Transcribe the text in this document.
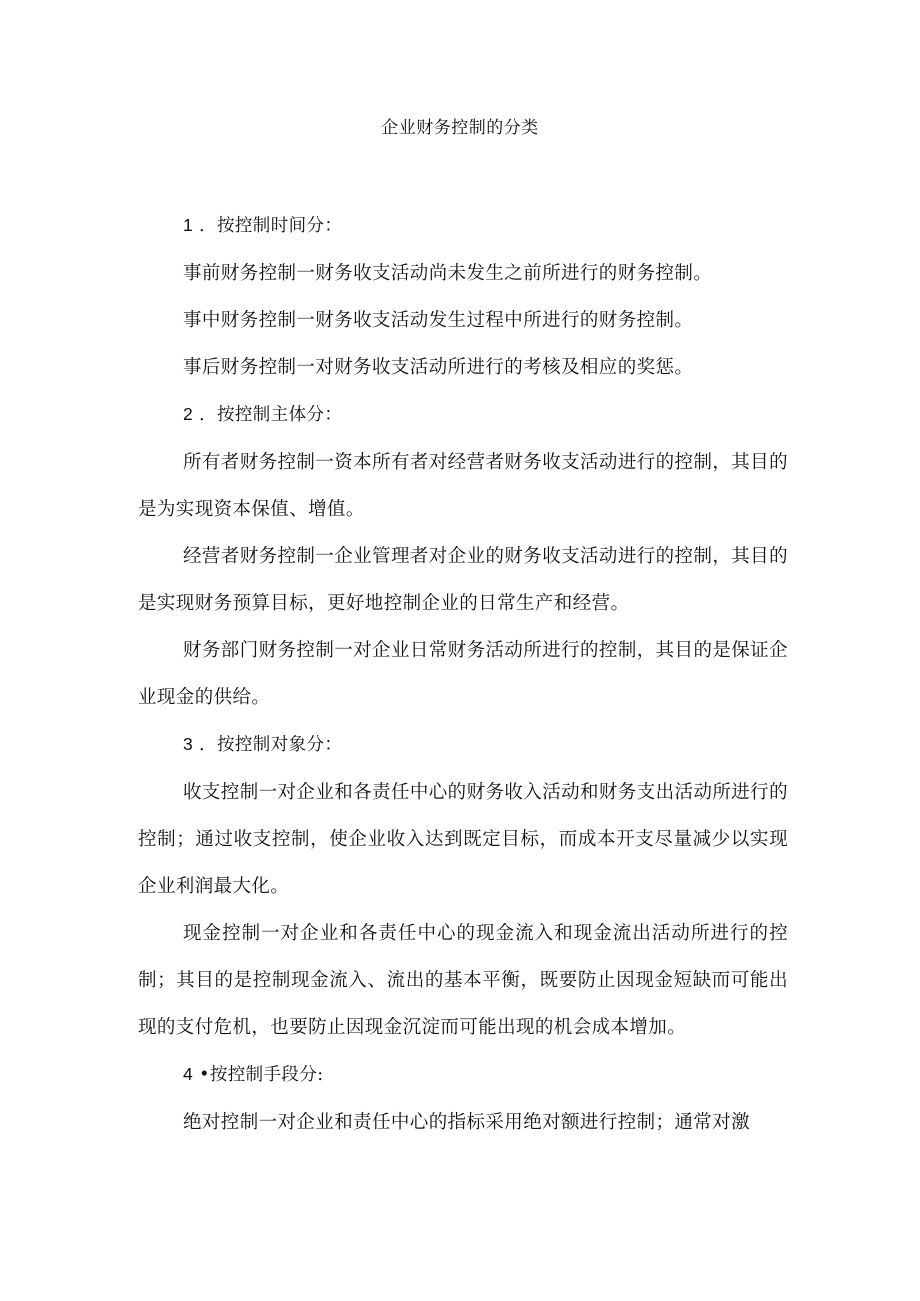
企业财务控制的分类

1 ．按控制时间分：

事前财务控制一财务收支活动尚未发生之前所进行的财务控制。

事中财务控制一财务收支活动发生过程中所进行的财务控制。

事后财务控制一对财务收支活动所进行的考核及相应的奖惩。

2 ．按控制主体分：

所有者财务控制一资本所有者对经营者财务收支活动进行的控制，其目的是为实现资本保值、增值。

经营者财务控制一企业管理者对企业的财务收支活动进行的控制，其目的是实现财务预算目标，更好地控制企业的日常生产和经营。

财务部门财务控制一对企业日常财务活动所进行的控制，其目的是保证企业现金的供给。

3 ．按控制对象分：

收支控制一对企业和各责任中心的财务收入活动和财务支出活动所进行的控制；通过收支控制，使企业收入达到既定目标，而成本开支尽量减少以实现企业利润最大化。

现金控制一对企业和各责任中心的现金流入和现金流出活动所进行的控制；其目的是控制现金流入、流出的基本平衡，既要防止因现金短缺而可能出现的支付危机，也要防止因现金沉淀而可能出现的机会成本增加。

4 •按控制手段分:

绝对控制一对企业和责任中心的指标采用绝对额进行控制；通常对激
